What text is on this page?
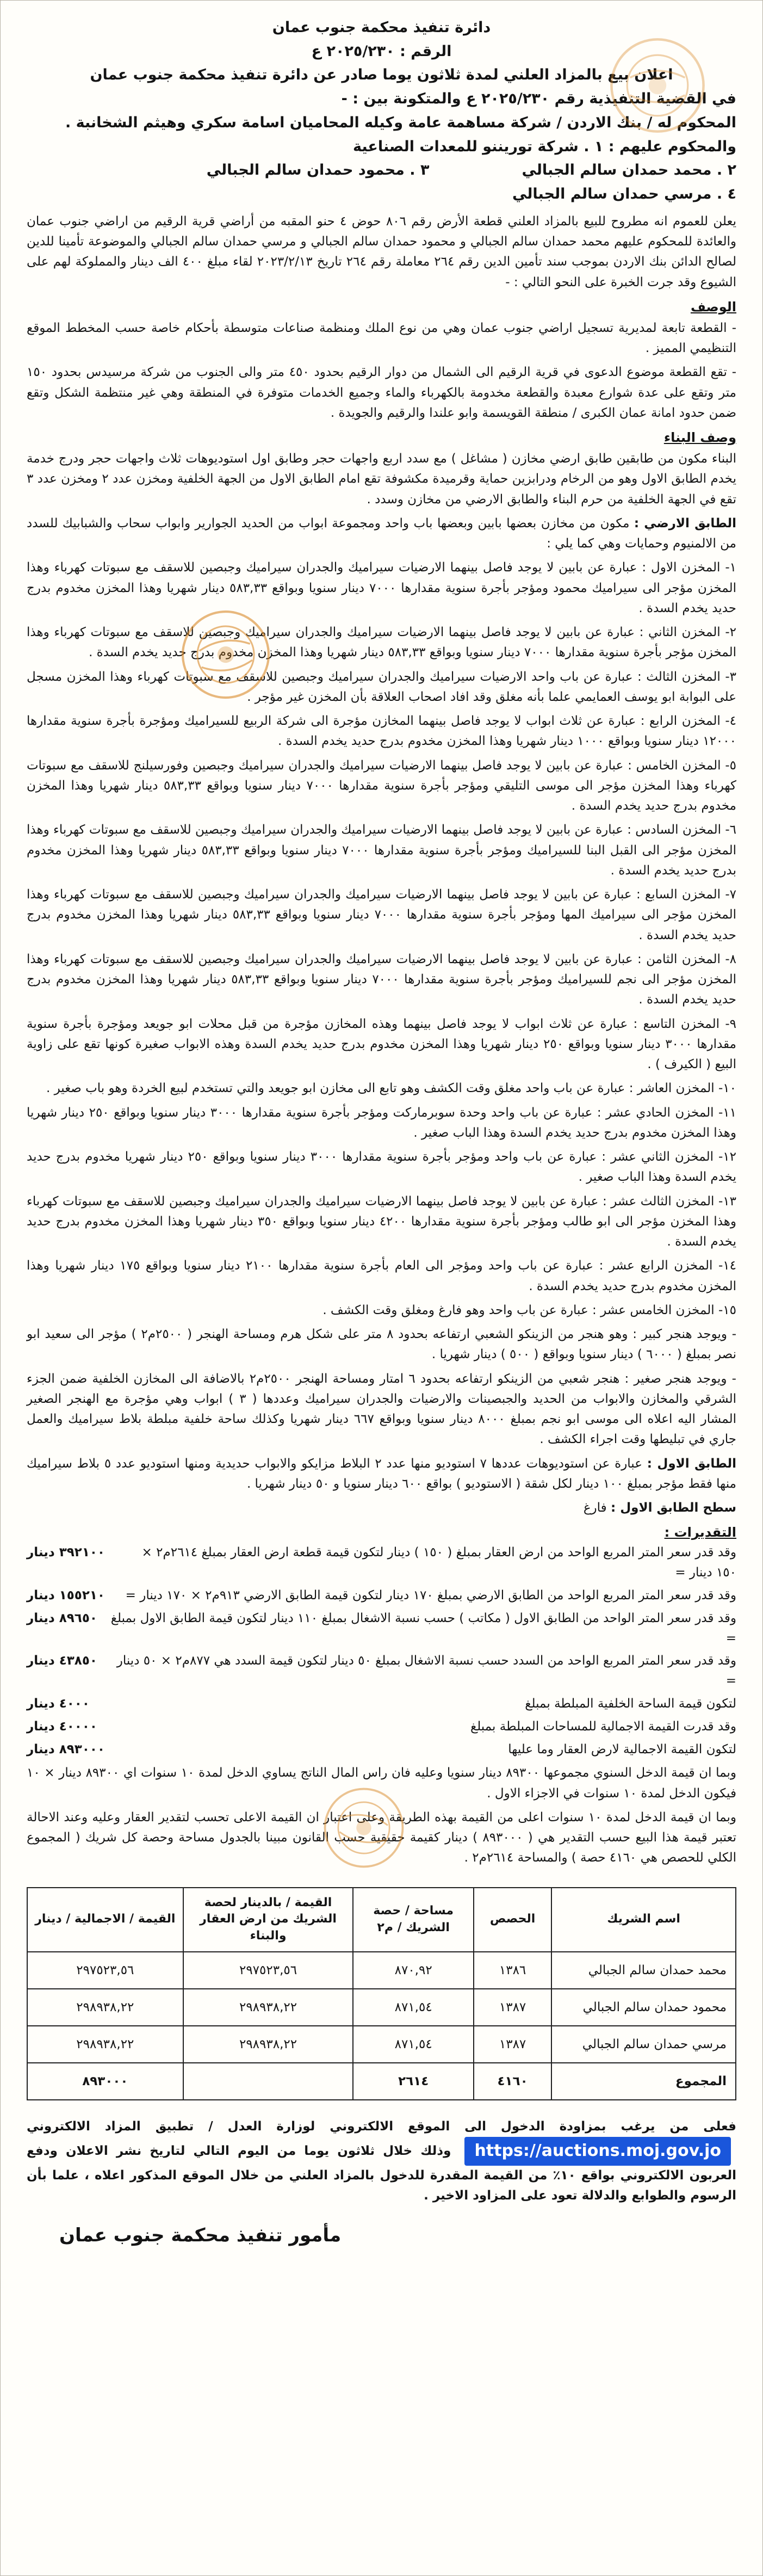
دائرة تنفيذ محكمة جنوب عمان
الرقم : ٢٠٢٥/٢٣٠ ع
اعلان بيع بالمزاد العلني لمدة ثلاثون يوما صادر عن دائرة تنفيذ محكمة جنوب عمان
في القضية التنفيذية رقم ٢٠٢٥/٢٣٠ ع والمتكونة بين : -
المحكوم له / بنك الاردن / شركة مساهمة عامة وكيله المحاميان اسامة سكري وهيثم الشخانبة .
والمحكوم عليهم : ١ . شركة توريننو للمعدات الصناعية
٢ . محمد حمدان سالم الجبالي
٣ . محمود حمدان سالم الجبالي
٤ . مرسي حمدان سالم الجبالي

يعلن للعموم انه مطروح للبيع بالمزاد العلني قطعة الأرض رقم ٨٠٦ حوض ٤ حنو المقبه من أراضي قرية الرقيم من اراضي جنوب عمان والعائدة للمحكوم عليهم محمد حمدان سالم الجبالي و محمود حمدان سالم الجبالي و مرسي حمدان سالم الجبالي والموضوعة تأمينا للدين لصالح الدائن بنك الاردن بموجب سند تأمين الدين رقم ٢٦٤ معاملة رقم ٢٦٤ تاريخ ٢٠٢٣/٢/١٣ لقاء مبلغ ٤٠٠ الف دينار والمملوكة لهم على الشيوع وقد جرت الخبرة على النحو التالي : -

الوصف

- القطعة تابعة لمديرية تسجيل اراضي جنوب عمان وهي من نوع الملك ومنظمة صناعات متوسطة بأحكام خاصة حسب المخطط الموقع التنظيمي المميز .

- تقع القطعة موضوع الدعوى في قرية الرقيم الى الشمال من دوار الرقيم بحدود ٤٥٠ متر والى الجنوب من شركة مرسيدس بحدود ١٥٠ متر وتقع على عدة شوارع معبدة والقطعة مخدومة بالكهرباء والماء وجميع الخدمات متوفرة في المنطقة وهي غير منتظمة الشكل وتقع ضمن حدود امانة عمان الكبرى / منطقة القويسمة وابو علندا والرقيم والجويدة .

وصف البناء

البناء مكون من طابقين طابق ارضي مخازن ( مشاغل ) مع سدد اربع واجهات حجر وطابق اول استوديوهات ثلاث واجهات حجر ودرج خدمة يخدم الطابق الاول وهو من الرخام ودرابزين حماية وقرميدة مكشوفة تقع امام الطابق الاول من الجهة الخلفية ومخزن عدد ٢ ومخزن عدد ٣ تقع في الجهة الخلفية من حرم البناء والطابق الارضي من مخازن وسدد .

الطابق الارضي : مكون من مخازن بعضها بابين وبعضها باب واحد ومجموعة ابواب من الحديد الجوارير وابواب سحاب والشبابيك للسدد من الالمنيوم وحمايات وهي كما يلي :

١- المخزن الاول : عبارة عن بابين لا يوجد فاصل بينهما الارضيات سيراميك والجدران سيراميك وجبصين للاسقف مع سبوتات كهرباء وهذا المخزن مؤجر الى سيراميك محمود ومؤجر بأجرة سنوية مقدارها ٧٠٠٠ دينار سنويا وبواقع ٥٨٣,٣٣ دينار شهريا وهذا المخزن مخدوم بدرج حديد يخدم السدة .

٢- المخزن الثاني : عبارة عن بابين لا يوجد فاصل بينهما الارضيات سيراميك والجدران سيراميك وجبصين للاسقف مع سبوتات كهرباء وهذا المخزن مؤجر بأجرة سنوية مقدارها ٧٠٠٠ دينار سنويا وبواقع ٥٨٣,٣٣ دينار شهريا وهذا المخزن مخدوم بدرج حديد يخدم السدة .

٣- المخزن الثالث : عبارة عن باب واحد الارضيات سيراميك والجدران سيراميك وجبصين للاسقف مع سبوتات كهرباء وهذا المخزن مسجل على البوابة ابو يوسف العمايمي علما بأنه مغلق وقد افاد اصحاب العلاقة بأن المخزن غير مؤجر .

٤- المخزن الرابع : عبارة عن ثلاث ابواب لا يوجد فاصل بينهما المخازن مؤجرة الى شركة الربيع للسيراميك ومؤجرة بأجرة سنوية مقدارها ١٢٠٠٠ دينار سنويا وبواقع ١٠٠٠ دينار شهريا وهذا المخزن مخدوم بدرج حديد يخدم السدة .

٥- المخزن الخامس : عبارة عن بابين لا يوجد فاصل بينهما الارضيات سيراميك والجدران سيراميك وجبصين وفورسيلنج للاسقف مع سبوتات كهرباء وهذا المخزن مؤجر الى موسى التليقي ومؤجر بأجرة سنوية مقدارها ٧٠٠٠ دينار سنويا وبواقع ٥٨٣,٣٣ دينار شهريا وهذا المخزن مخدوم بدرج حديد يخدم السدة .

٦- المخزن السادس : عبارة عن بابين لا يوجد فاصل بينهما الارضيات سيراميك والجدران سيراميك وجبصين للاسقف مع سبوتات كهرباء وهذا المخزن مؤجر الى القبل البنا للسيراميك ومؤجر بأجرة سنوية مقدارها ٧٠٠٠ دينار سنويا وبواقع ٥٨٣,٣٣ دينار شهريا وهذا المخزن مخدوم بدرج حديد يخدم السدة .

٧- المخزن السابع : عبارة عن بابين لا يوجد فاصل بينهما الارضيات سيراميك والجدران سيراميك وجبصين للاسقف مع سبوتات كهرباء وهذا المخزن مؤجر الى سيراميك المها ومؤجر بأجرة سنوية مقدارها ٧٠٠٠ دينار سنويا وبواقع ٥٨٣,٣٣ دينار شهريا وهذا المخزن مخدوم بدرج حديد يخدم السدة .

٨- المخزن الثامن : عبارة عن بابين لا يوجد فاصل بينهما الارضيات سيراميك والجدران سيراميك وجبصين للاسقف مع سبوتات كهرباء وهذا المخزن مؤجر الى نجم للسيراميك ومؤجر بأجرة سنوية مقدارها ٧٠٠٠ دينار سنويا وبواقع ٥٨٣,٣٣ دينار شهريا وهذا المخزن مخدوم بدرج حديد يخدم السدة .

٩- المخزن التاسع : عبارة عن ثلاث ابواب لا يوجد فاصل بينهما وهذه المخازن مؤجرة من قبل محلات ابو جويعد ومؤجرة بأجرة سنوية مقدارها ٣٠٠٠ دينار سنويا وبواقع ٢٥٠ دينار شهريا وهذا المخزن مخدوم بدرج حديد يخدم السدة وهذه الابواب صغيرة كونها تقع على زاوية البيع ( الكيرف ) .

١٠- المخزن العاشر : عبارة عن باب واحد مغلق وقت الكشف وهو تابع الى مخازن ابو جويعد والتي تستخدم لبيع الخردة وهو باب صغير .

١١- المخزن الحادي عشر : عبارة عن باب واحد وحدة سوبرماركت ومؤجر بأجرة سنوية مقدارها ٣٠٠٠ دينار سنويا وبواقع ٢٥٠ دينار شهريا وهذا المخزن مخدوم بدرج حديد يخدم السدة وهذا الباب صغير .

١٢- المخزن الثاني عشر : عبارة عن باب واحد ومؤجر بأجرة سنوية مقدارها ٣٠٠٠ دينار سنويا وبواقع ٢٥٠ دينار شهريا مخدوم بدرج حديد يخدم السدة وهذا الباب صغير .

١٣- المخزن الثالث عشر : عبارة عن بابين لا يوجد فاصل بينهما الارضيات سيراميك والجدران سيراميك وجبصين للاسقف مع سبوتات كهرباء وهذا المخزن مؤجر الى ابو طالب ومؤجر بأجرة سنوية مقدارها ٤٢٠٠ دينار سنويا وبواقع ٣٥٠ دينار شهريا وهذا المخزن مخدوم بدرج حديد يخدم السدة .

١٤- المخزن الرابع عشر : عبارة عن باب واحد ومؤجر الى العام بأجرة سنوية مقدارها ٢١٠٠ دينار سنويا وبواقع ١٧٥ دينار شهريا وهذا المخزن مخدوم بدرج حديد يخدم السدة .

١٥- المخزن الخامس عشر : عبارة عن باب واحد وهو فارغ ومغلق وقت الكشف .

- ويوجد هنجر كبير : وهو هنجر من الزينكو الشعبي ارتفاعه بحدود ٨ متر على شكل هرم ومساحة الهنجر ( ٢٥٠٠م٢ ) مؤجر الى سعيد ابو نصر بمبلغ ( ٦٠٠٠ ) دينار سنويا وبواقع ( ٥٠٠ ) دينار شهريا .

- ويوجد هنجر صغير : هنجر شعبي من الزينكو ارتفاعه بحدود ٦ امتار ومساحة الهنجر ٢٥٠٠م٢ بالاضافة الى المخازن الخلفية ضمن الجزء الشرقي والمخازن والابواب من الحديد والجبصينات والارضيات والجدران سيراميك وعددها ( ٣ ) ابواب وهي مؤجرة مع الهنجر الصغير المشار اليه اعلاه الى موسى ابو نجم بمبلغ ٨٠٠٠ دينار سنويا وبواقع ٦٦٧ دينار شهريا وكذلك ساحة خلفية مبلطة بلاط سيراميك والعمل جاري في تبليطها وقت اجراء الكشف .

الطابق الاول : عبارة عن استوديوهات عددها ٧ استوديو منها عدد ٢ البلاط مزايكو والابواب حديدية ومنها استوديو عدد ٥ بلاط سيراميك منها فقط مؤجر بمبلغ ١٠٠ دينار لكل شقة ( الاستوديو ) بواقع ٦٠٠ دينار سنويا و ٥٠ دينار شهريا .

سطح الطابق الاول : فارغ

التقديرات :
وقد قدر سعر المتر المربع الواحد من ارض العقار بمبلغ ( ١٥٠ ) دينار لتكون قيمة قطعة ارض العقار بمبلغ ٢٦١٤م٢ × ١٥٠ دينار =
٣٩٢١٠٠ دينار
وقد قدر سعر المتر المربع الواحد من الطابق الارضي بمبلغ ١٧٠ دينار لتكون قيمة الطابق الارضي ٩١٣م٢ × ١٧٠ دينار =
١٥٥٢١٠ دينار
وقد قدر سعر المتر الواحد من الطابق الاول ( مكاتب ) حسب نسبة الاشغال بمبلغ ١١٠ دينار لتكون قيمة الطابق الاول بمبلغ =
٨٩٦٥٠ دينار
وقد قدر سعر المتر المربع الواحد من السدد حسب نسبة الاشغال بمبلغ ٥٠ دينار لتكون قيمة السدد هي ٨٧٧م٢ × ٥٠ دينار =
٤٣٨٥٠ دينار
لتكون قيمة الساحة الخلفية المبلطة بمبلغ
٤٠٠٠ دينار
وقد قدرت القيمة الاجمالية للمساحات المبلطة بمبلغ
٤٠٠٠٠ دينار
لتكون القيمة الاجمالية لارض العقار وما عليها
٨٩٣٠٠٠ دينار

وبما ان قيمة الدخل السنوي مجموعها ٨٩٣٠٠ دينار سنويا وعليه فان راس المال الناتج يساوي الدخل لمدة ١٠ سنوات اي ٨٩٣٠٠ دينار × ١٠ فيكون الدخل لمدة ١٠ سنوات في الاجزاء الاول .

وبما ان قيمة الدخل لمدة ١٠ سنوات اعلى من القيمة بهذه الطريقة وعلى اعتبار ان القيمة الاعلى تحسب لتقدير العقار وعليه وعند الاحالة تعتبر قيمة هذا البيع حسب التقدير هي ( ٨٩٣٠٠٠ ) دينار كقيمة حقيقية حسب القانون مبينا بالجدول مساحة وحصة كل شريك ( المجموع الكلي للحصص هي ٤١٦٠ حصة ) والمساحة ٢٦١٤م٢ .

اسم الشريك	الحصص	مساحة / حصة الشريك / م٢	القيمة / بالدينار لحصة الشريك من ارض العقار والبناء	القيمة / الاجمالية / دينار
محمد حمدان سالم الجبالي	١٣٨٦	٨٧٠,٩٢	٢٩٧٥٢٣,٥٦	٢٩٧٥٢٣,٥٦
محمود حمدان سالم الجبالي	١٣٨٧	٨٧١,٥٤	٢٩٨٩٣٨,٢٢	٢٩٨٩٣٨,٢٢
مرسي حمدان سالم الجبالي	١٣٨٧	٨٧١,٥٤	٢٩٨٩٣٨,٢٢	٢٩٨٩٣٨,٢٢
المجموع	٤١٦٠	٢٦١٤		٨٩٣٠٠٠

فعلى من يرغب بمزاودة الدخول الى الموقع الالكتروني لوزارة العدل / تطبيق المزاد الالكتروني https://auctions.moj.gov.jo وذلك خلال ثلاثون يوما من اليوم التالي لتاريخ نشر الاعلان ودفع العربون الالكتروني بواقع ١٠٪ من القيمة المقدرة للدخول بالمزاد العلني من خلال الموقع المذكور اعلاه ، علما بأن الرسوم والطوابع والدلالة تعود على المزاود الاخير .

مأمور تنفيذ محكمة جنوب عمان
